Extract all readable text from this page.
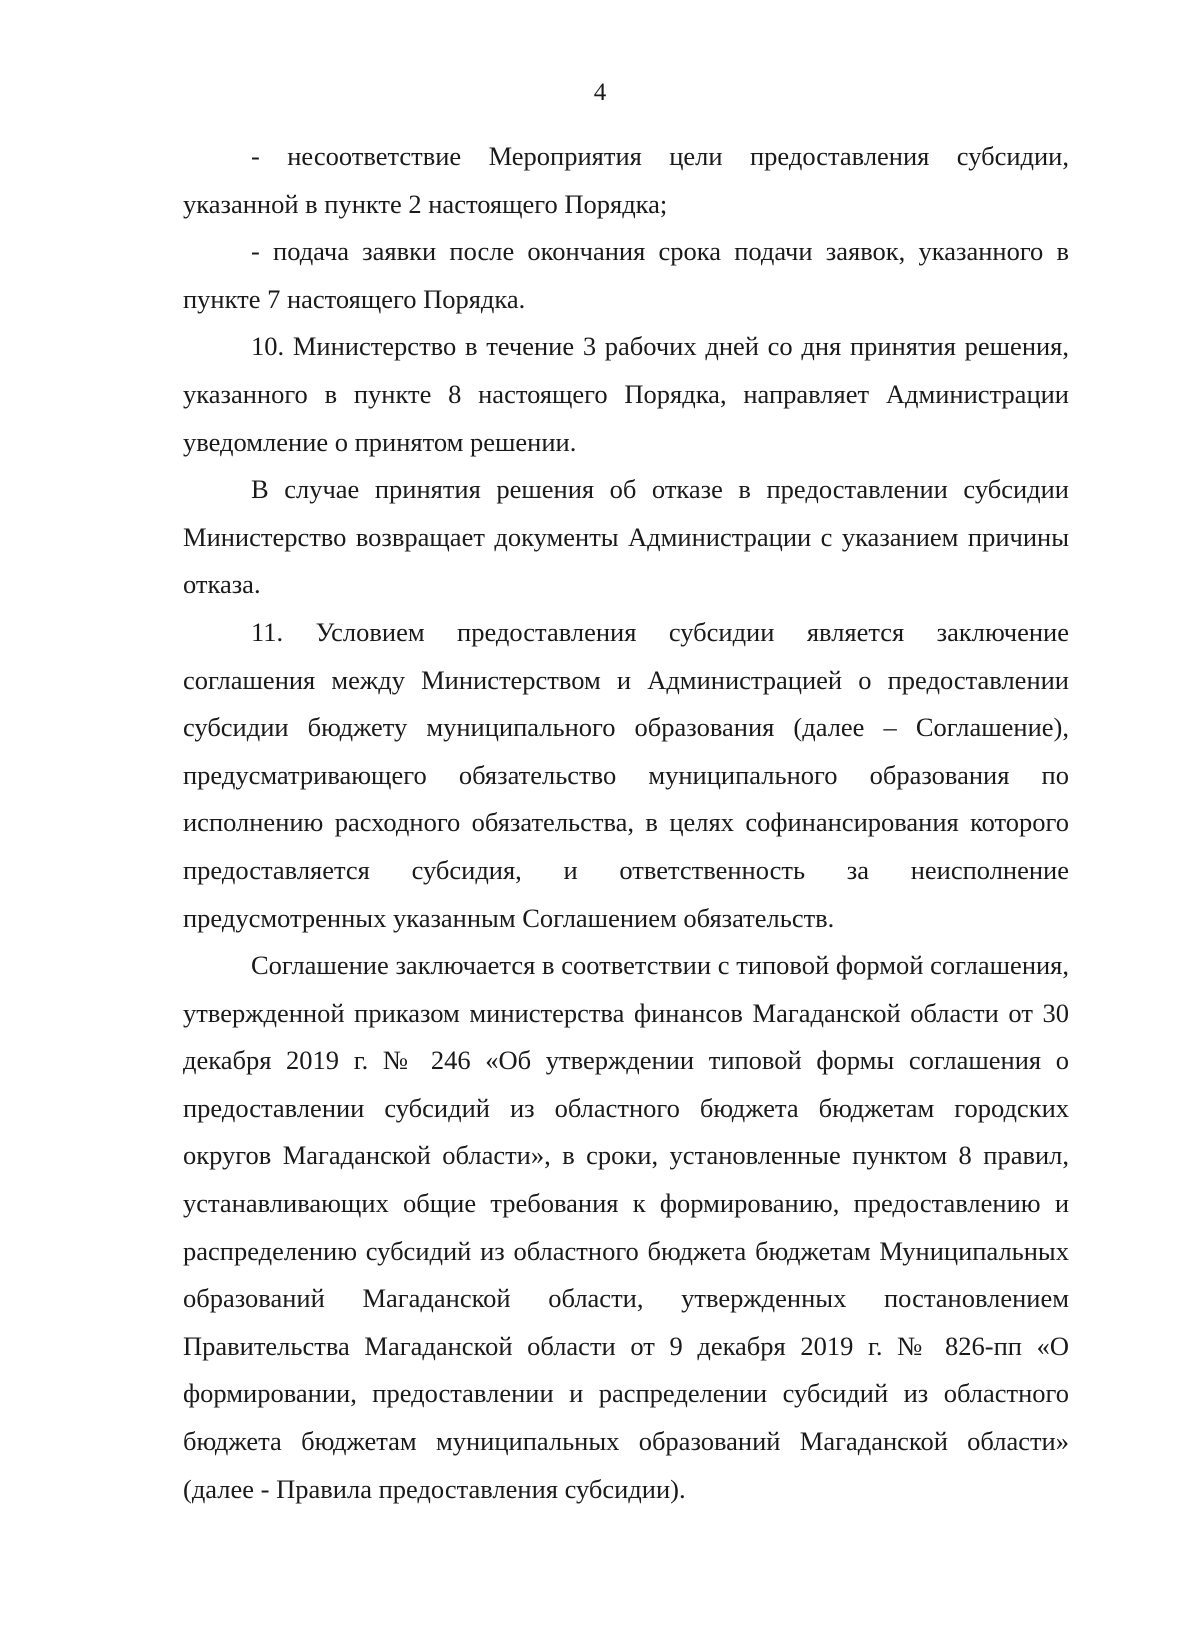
4

- несоответствие Мероприятия цели предоставления субсидии, указанной в пункте 2 настоящего Порядка;

- подача заявки после окончания срока подачи заявок, указанного в пункте 7 настоящего Порядка.

10. Министерство в течение 3 рабочих дней со дня принятия решения, указанного в пункте 8 настоящего Порядка, направляет Администрации уведомление о принятом решении.

В случае принятия решения об отказе в предоставлении субсидии Министерство возвращает документы Администрации с указанием причины отказа.

11. Условием предоставления субсидии является заключение соглашения между Министерством и Администрацией о предоставлении субсидии бюджету муниципального образования (далее – Соглашение), предусматривающего обязательство муниципального образования по исполнению расходного обязательства, в целях софинансирования которого предоставляется субсидия, и ответственность за неисполнение предусмотренных указанным Соглашением обязательств.

Соглашение заключается в соответствии с типовой формой соглашения, утвержденной приказом министерства финансов Магаданской области от 30 декабря 2019 г. № 246 «Об утверждении типовой формы соглашения о предоставлении субсидий из областного бюджета бюджетам городских округов Магаданской области», в сроки, установленные пунктом 8 правил, устанавливающих общие требования к формированию, предоставлению и распределению субсидий из областного бюджета бюджетам Муниципальных образований Магаданской области, утвержденных постановлением Правительства Магаданской области от 9 декабря 2019 г. № 826-пп «О формировании, предоставлении и распределении субсидий из областного бюджета бюджетам муниципальных образований Магаданской области» (далее - Правила предоставления субсидии).
